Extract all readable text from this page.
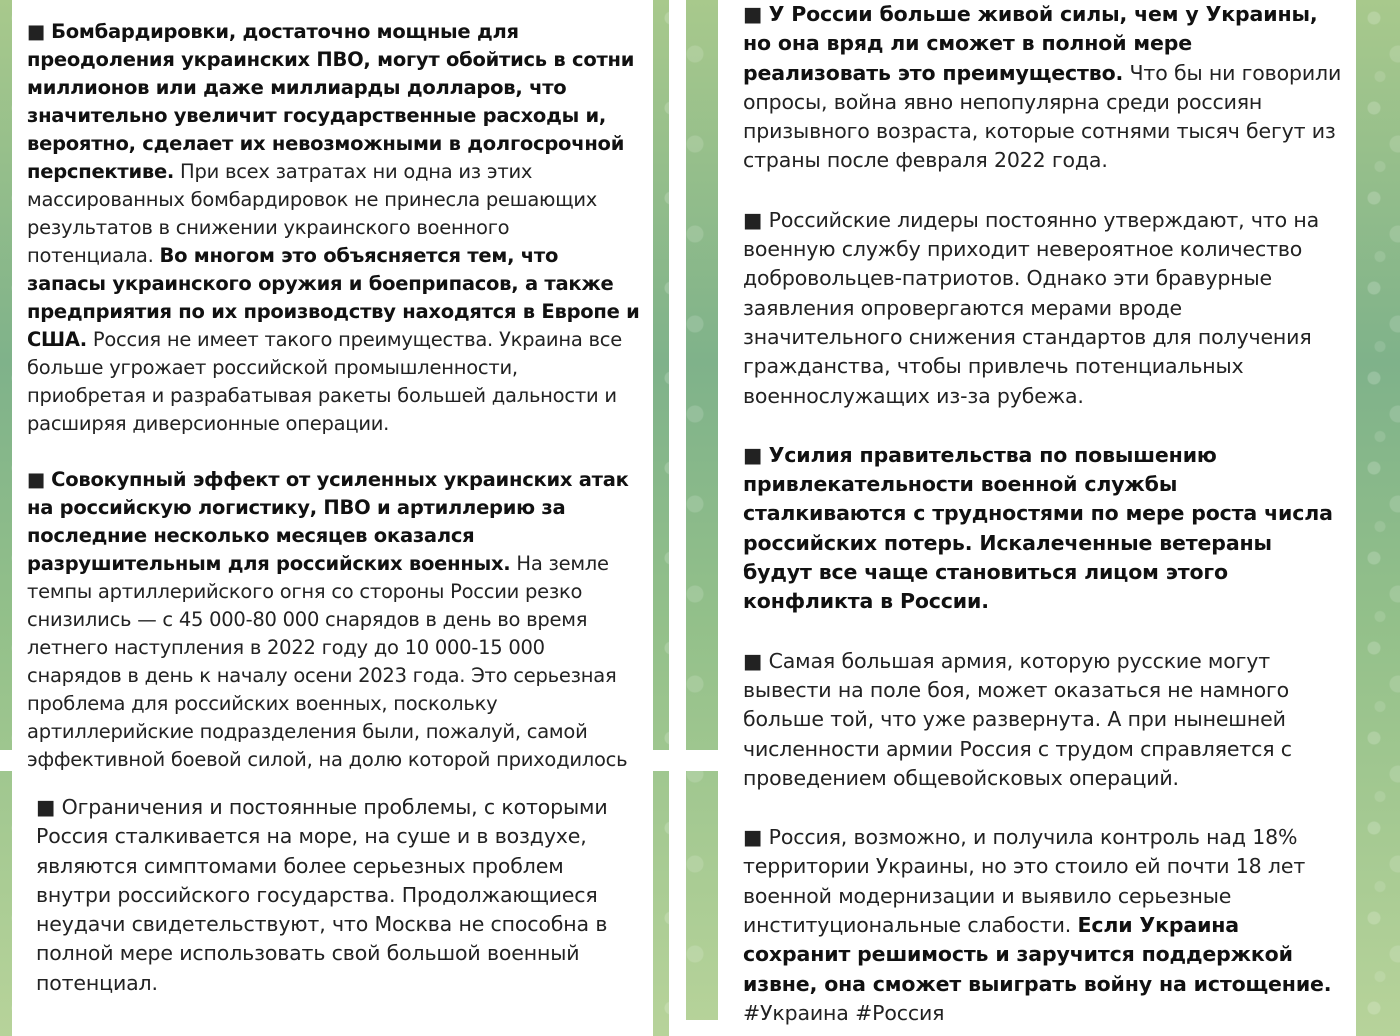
■ Бомбардировки, достаточно мощные для преодоления украинских ПВО, могут обойтись в сотни миллионов или даже миллиарды долларов, что значительно увеличит государственные расходы и, вероятно, сделает их невозможными в долгосрочной перспективе. При всех затратах ни одна из этих массированных бомбардировок не принесла решающих результатов в снижении украинского военного потенциала. Во многом это объясняется тем, что запасы украинского оружия и боеприпасов, а также предприятия по их производству находятся в Европе и США. Россия не имеет такого преимущества. Украина все больше угрожает российской промышленности, приобретая и разрабатывая ракеты большей дальности и расширяя диверсионные операции.

■ Совокупный эффект от усиленных украинских атак на российскую логистику, ПВО и артиллерию за последние несколько месяцев оказался разрушительным для российских военных. На земле темпы артиллерийского огня со стороны России резко снизились — с 45 000-80 000 снарядов в день во время летнего наступления в 2022 году до 10 000-15 000 снарядов в день к началу осени 2023 года. Это серьезная проблема для российских военных, поскольку артиллерийские подразделения были, пожалуй, самой эффективной боевой силой, на долю которой приходилось

■ Ограничения и постоянные проблемы, с которыми Россия сталкивается на море, на суше и в воздухе, являются симптомами более серьезных проблем внутри российского государства. Продолжающиеся неудачи свидетельствуют, что Москва не способна в полной мере использовать свой большой военный потенциал.

■ У России больше живой силы, чем у Украины, но она вряд ли сможет в полной мере реализовать это преимущество. Что бы ни говорили опросы, война явно непопулярна среди россиян призывного возраста, которые сотнями тысяч бегут из страны после февраля 2022 года.

■ Российские лидеры постоянно утверждают, что на военную службу приходит невероятное количество добровольцев-патриотов. Однако эти бравурные заявления опровергаются мерами вроде значительного снижения стандартов для получения гражданства, чтобы привлечь потенциальных военнослужащих из-за рубежа.

■ Усилия правительства по повышению привлекательности военной службы сталкиваются с трудностями по мере роста числа российских потерь. Искалеченные ветераны будут все чаще становиться лицом этого конфликта в России.

■ Самая большая армия, которую русские могут вывести на поле боя, может оказаться не намного больше той, что уже развернута. А при нынешней численности армии Россия с трудом справляется с проведением общевойсковых операций.

■ Россия, возможно, и получила контроль над 18% территории Украины, но это стоило ей почти 18 лет военной модернизации и выявило серьезные институциональные слабости. Если Украина сохранит решимость и заручится поддержкой извне, она сможет выиграть войну на истощение. #Украина #Россия
